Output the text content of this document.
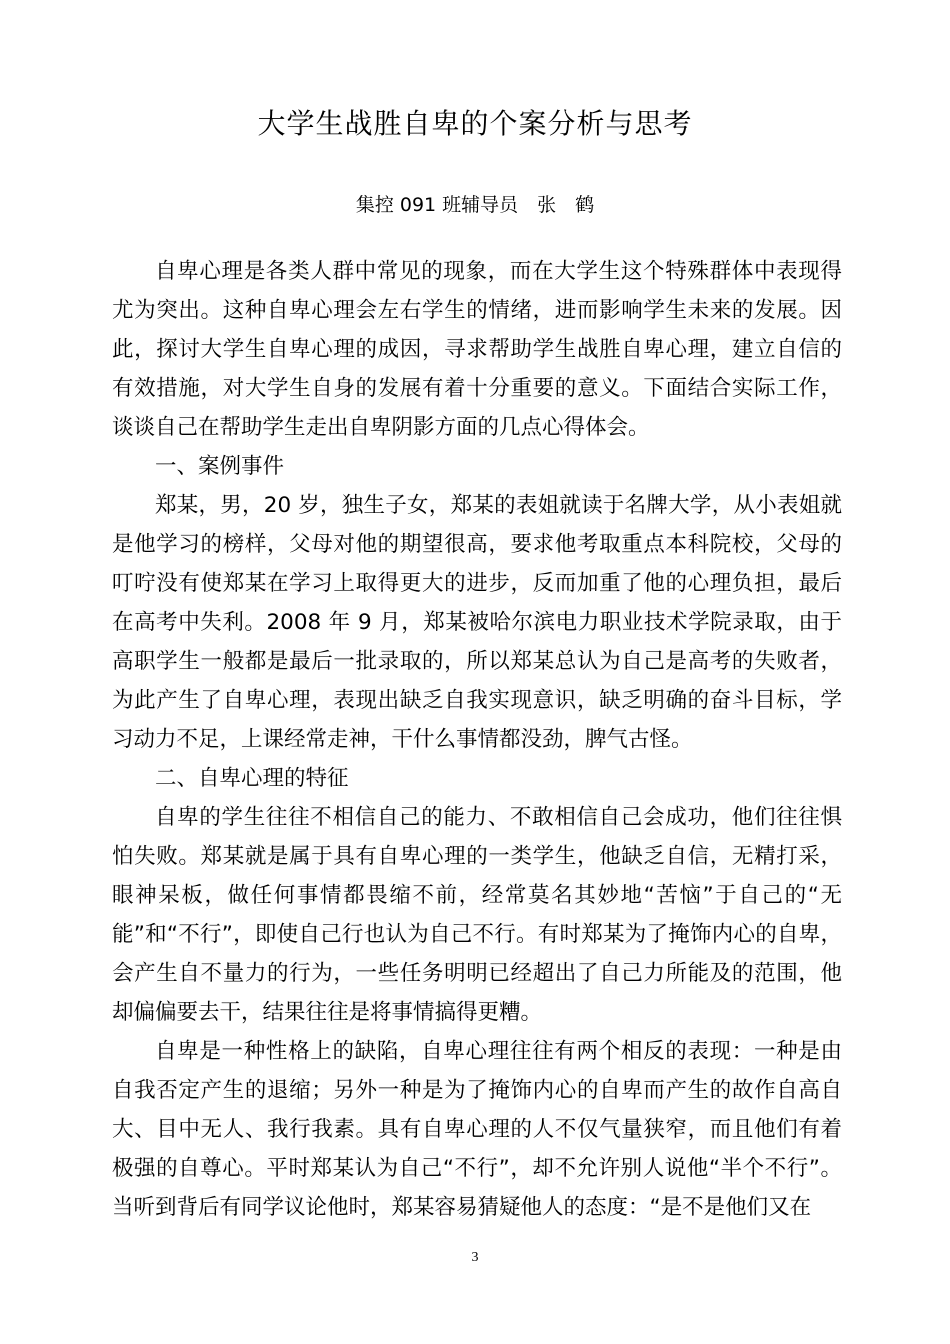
大学生战胜自卑的个案分析与思考
集控 091 班辅导员　张　鹤

自卑心理是各类人群中常见的现象，而在大学生这个特殊群体中表现得尤为突出。这种自卑心理会左右学生的情绪，进而影响学生未来的发展。因此，探讨大学生自卑心理的成因，寻求帮助学生战胜自卑心理，建立自信的有效措施，对大学生自身的发展有着十分重要的意义。下面结合实际工作，谈谈自己在帮助学生走出自卑阴影方面的几点心得体会。

一、案例事件

郑某，男，20 岁，独生子女，郑某的表姐就读于名牌大学，从小表姐就是他学习的榜样，父母对他的期望很高，要求他考取重点本科院校，父母的叮咛没有使郑某在学习上取得更大的进步，反而加重了他的心理负担，最后在高考中失利。2008 年 9 月，郑某被哈尔滨电力职业技术学院录取，由于高职学生一般都是最后一批录取的，所以郑某总认为自己是高考的失败者，为此产生了自卑心理，表现出缺乏自我实现意识，缺乏明确的奋斗目标，学习动力不足，上课经常走神，干什么事情都没劲，脾气古怪。

二、自卑心理的特征

自卑的学生往往不相信自己的能力、不敢相信自己会成功，他们往往惧怕失败。郑某就是属于具有自卑心理的一类学生，他缺乏自信，无精打采，眼神呆板，做任何事情都畏缩不前，经常莫名其妙地“苦恼”于自己的“无能”和“不行”，即使自己行也认为自己不行。有时郑某为了掩饰内心的自卑，会产生自不量力的行为，一些任务明明已经超出了自己力所能及的范围，他却偏偏要去干，结果往往是将事情搞得更糟。

自卑是一种性格上的缺陷，自卑心理往往有两个相反的表现：一种是由自我否定产生的退缩；另外一种是为了掩饰内心的自卑而产生的故作自高自大、目中无人、我行我素。具有自卑心理的人不仅气量狭窄，而且他们有着极强的自尊心。平时郑某认为自己“不行”，却不允许别人说他“半个不行”。当听到背后有同学议论他时，郑某容易猜疑他人的态度：“是不是他们又在

3
